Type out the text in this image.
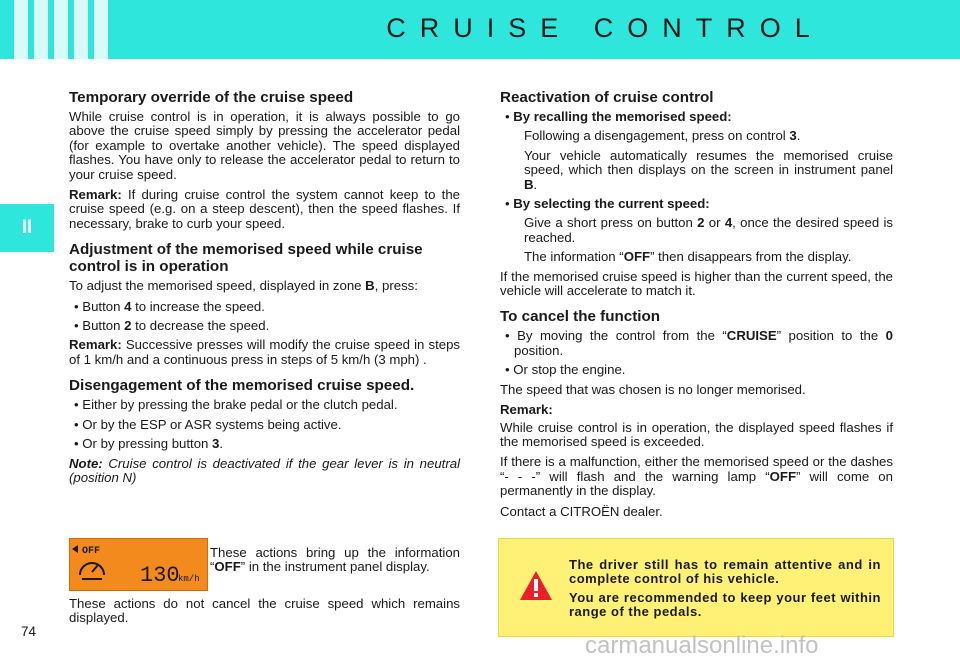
CRUISE CONTROL
II
Temporary override of the cruise speed

While cruise control is in operation, it is always possible to go above the cruise speed simply by pressing the accelerator pedal (for example to overtake another vehicle). The speed displayed flashes. You have only to release the accelerator pedal to return to your cruise speed.

Remark: If during cruise control the system cannot keep to the cruise speed (e.g. on a steep descent), then the speed flashes. If necessary, brake to curb your speed.

Adjustment of the memorised speed while cruise control is in operation

To adjust the memorised speed, displayed in zone B, press:

• Button 4 to increase the speed.
• Button 2 to decrease the speed.

Remark: Successive presses will modify the cruise speed in steps of 1 km/h and a continuous press in steps of 5 km/h (3 mph) .

Disengagement of the memorised cruise speed.
• Either by pressing the brake pedal or the clutch pedal.
• Or by the ESP or ASR systems being active.
• Or by pressing button 3.

Note: Cruise control is deactivated if the gear lever is in neutral (position N)

Reactivation of cruise control
• By recalling the memorised speed:
Following a disengagement, press on control 3.
Your vehicle automatically resumes the memorised cruise speed, which then displays on the screen in instrument panel B.
• By selecting the current speed:
Give a short press on button 2 or 4, once the desired speed is reached.
The information “OFF” then disappears from the display.

If the memorised cruise speed is higher than the current speed, the vehicle will accelerate to match it.

To cancel the function
• By moving the control from the “CRUISE” position to the 0 position.
• Or stop the engine.

The speed that was chosen is no longer memorised.

Remark:

While cruise control is in operation, the displayed speed flashes if the memorised speed is exceeded.

If there is a malfunction, either the memorised speed or the dashes “- - -” will flash and the warning lamp “OFF” will come on permanently in the display.

Contact a CITROËN dealer.

OFF
130
km/h
These actions bring up the information “OFF” in the instrument panel display.
These actions do not cancel the cruise speed which remains displayed.
74

The driver still has to remain attentive and in complete control of his vehicle.

You are recommended to keep your feet within range of the pedals.

carmanualsonline.info
